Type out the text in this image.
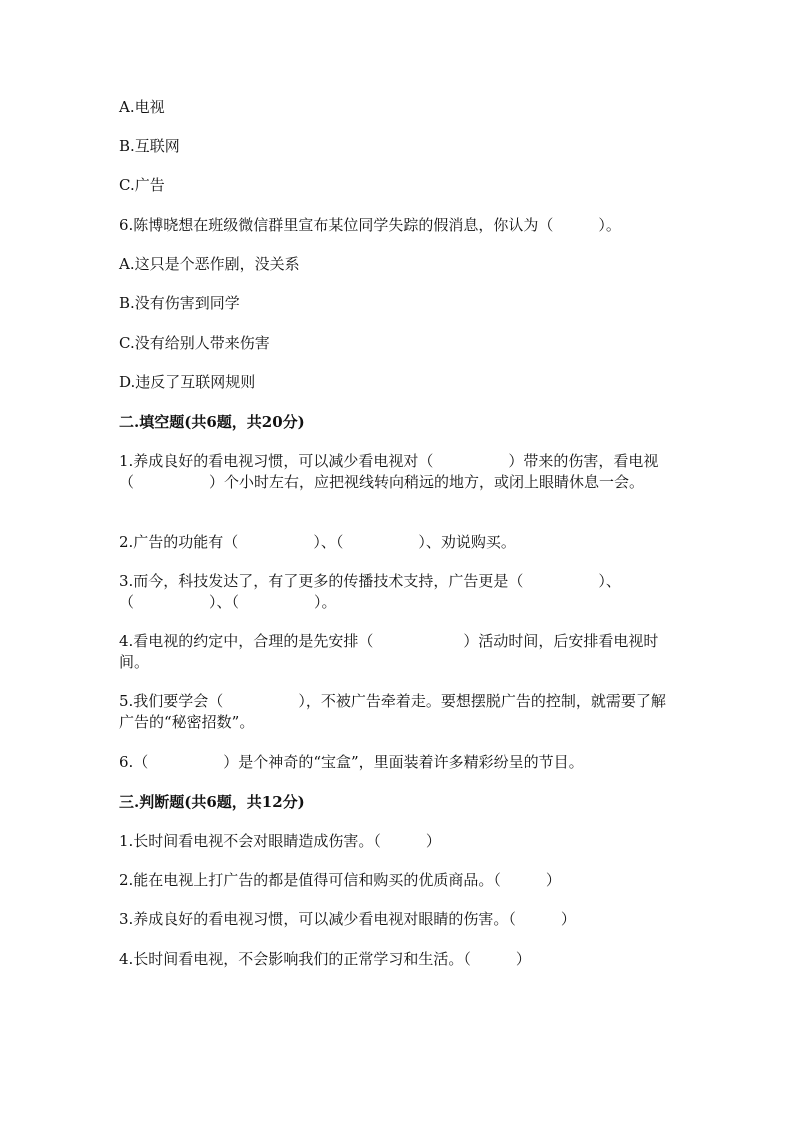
A.电视
B.互联网
C.广告
6.陈博晓想在班级微信群里宣布某位同学失踪的假消息，你认为（　　　）。
A.这只是个恶作剧，没关系
B.没有伤害到同学
C.没有给别人带来伤害
D.违反了互联网规则
二.填空题(共6题，共20分)
1.养成良好的看电视习惯，可以减少看电视对（　　　　　）带来的伤害，看电视（　　　　　）个小时左右，应把视线转向稍远的地方，或闭上眼睛休息一会。
2.广告的功能有（　　　　　）、（　　　　　）、劝说购买。
3.而今，科技发达了，有了更多的传播技术支持，广告更是（　　　　　）、（　　　　　）、（　　　　　）。
4.看电视的约定中，合理的是先安排（　　　　　　）活动时间，后安排看电视时间。
5.我们要学会（　　　　　），不被广告牵着走。要想摆脱广告的控制，就需要了解广告的“秘密招数”。
6.（　　　　　）是个神奇的“宝盒”，里面装着许多精彩纷呈的节目。
三.判断题(共6题，共12分)
1.长时间看电视不会对眼睛造成伤害。（　　　）
2.能在电视上打广告的都是值得可信和购买的优质商品。（　　　）
3.养成良好的看电视习惯，可以减少看电视对眼睛的伤害。（　　　）
4.长时间看电视，不会影响我们的正常学习和生活。（　　　）
